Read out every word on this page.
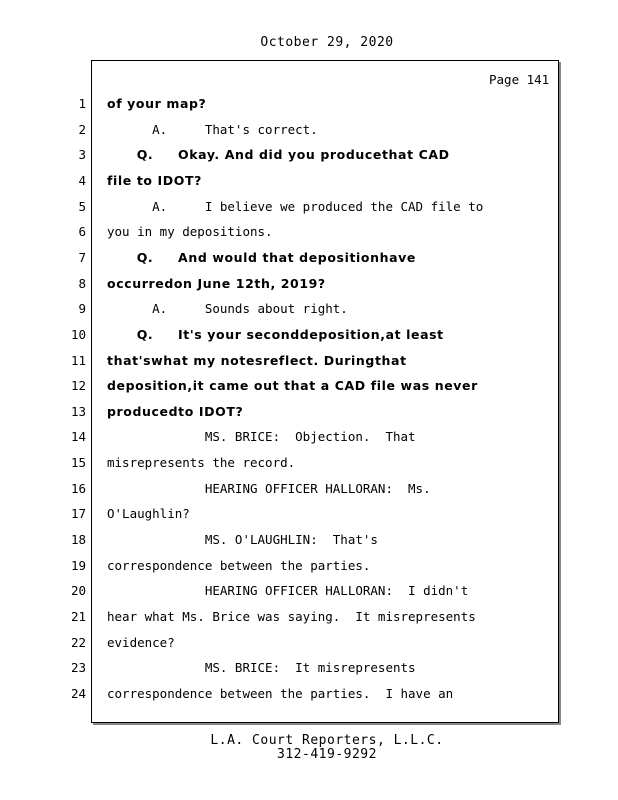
October 29, 2020
Page 141
1 of your map?
2 A.     That's correct.
3 Q.     Okay. And did you producethat CAD
4 file to IDOT?
5 A.     I believe we produced the CAD file to
6 you in my depositions.
7 Q.     And would that depositionhave
8 occurredon June 12th, 2019?
9 A.     Sounds about right.
10 Q.     It's your seconddeposition,at least
11 that'swhat my notesreflect. Duringthat
12 deposition,it came out that a CAD file was never
13 producedto IDOT?
14 MS. BRICE:  Objection.  That
15 misrepresents the record.
16 HEARING OFFICER HALLORAN:  Ms.
17 O'Laughlin?
18 MS. O'LAUGHLIN:  That's
19 correspondence between the parties.
20 HEARING OFFICER HALLORAN:  I didn't
21 hear what Ms. Brice was saying.  It misrepresents
22 evidence?
23 MS. BRICE:  It misrepresents
24 correspondence between the parties.  I have an
L.A. Court Reporters, L.L.C.
312-419-9292
